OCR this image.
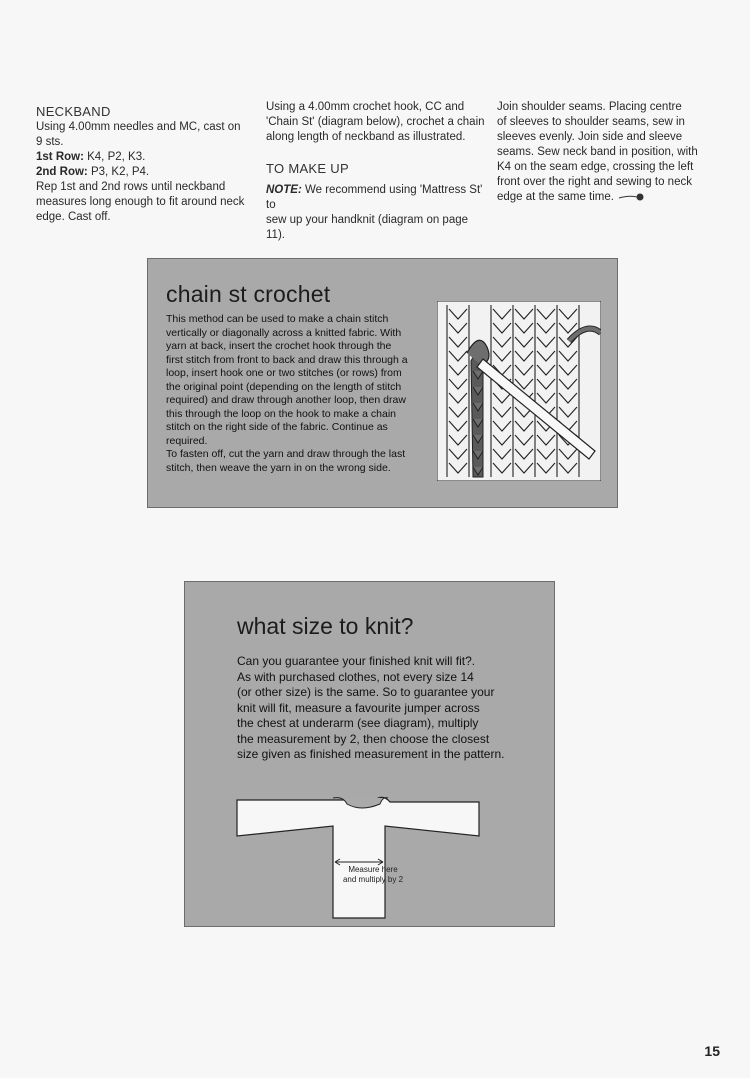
NECKBAND
Using 4.00mm needles and MC, cast on
9 sts.
1st Row: K4, P2, K3.
2nd Row: P3, K2, P4.
Rep 1st and 2nd rows until neckband
measures long enough to fit around neck
edge. Cast off.
Using a 4.00mm crochet hook, CC and
'Chain St' (diagram below), crochet a chain
along length of neckband as illustrated.
TO MAKE UP
NOTE: We recommend using 'Mattress St' to
sew up your handknit (diagram on page 11).
Join shoulder seams. Placing centre
of sleeves to shoulder seams, sew in
sleeves evenly. Join side and sleeve
seams. Sew neck band in position, with
K4 on the seam edge, crossing the left
front over the right and sewing to neck
edge at the same time.
chain st crochet
This method can be used to make a chain stitch
vertically or diagonally across a knitted fabric. With
yarn at back, insert the crochet hook through the
first stitch from front to back and draw this through a
loop, insert hook one or two stitches (or rows) from
the original point (depending on the length of stitch
required) and draw through another loop, then draw
this through the loop on the hook to make a chain
stitch on the right side of the fabric. Continue as
required.
To fasten off, cut the yarn and draw through the last
stitch, then weave the yarn in on the wrong side.
what size to knit?
Can you guarantee your finished knit will fit?.
As with purchased clothes, not every size 14
(or other size) is the same. So to guarantee your
knit will fit, measure a favourite jumper across
the chest at underarm (see diagram), multiply
the measurement by 2, then choose the closest
size given as finished measurement in the pattern.
Measure here
and multiply by 2
15
